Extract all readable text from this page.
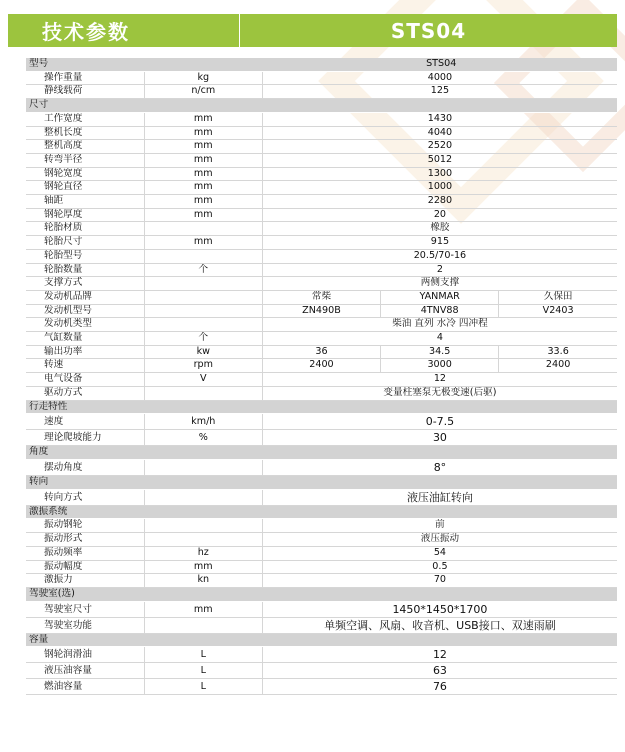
技术参数	STS04
型号		STS04		
操作重量	kg	4000		
静线载荷	n/cm	125		
尺寸				
工作宽度	mm	1430		
整机长度	mm	4040		
整机高度	mm	2520		
转弯半径	mm	5012		
钢轮宽度	mm	1300		
钢轮直径	mm	1000		
轴距	mm	2280		
钢轮厚度	mm	20		
轮胎材质		橡胶		
轮胎尺寸	mm	915		
轮胎型号		20.5/70-16		
轮胎数量	个	2		
支撑方式		两侧支撑		
发动机品牌		常柴	YANMAR	久保田
发动机型号		ZN490B	4TNV88	V2403
发动机类型		柴油 直列 水冷 四冲程		
气缸数量	个	4		
输出功率	kw	36	34.5	33.6
转速	rpm	2400	3000	2400
电气设备	V	12		
驱动方式		变量柱塞泵无极变速(后驱)		
行走特性				
速度	km/h	0-7.5		
理论爬坡能力	%	30		
角度				
摆动角度		8°		
转向				
转向方式		液压油缸转向		
激振系统				
振动钢轮		前		
振动形式		液压振动		
振动频率	hz	54		
振动幅度	mm	0.5		
激振力	kn	70		
驾驶室(选)				
驾驶室尺寸	mm	1450*1450*1700		
驾驶室功能		单频空调、风扇、收音机、USB接口、双速雨刷		
容量				
钢轮润滑油	L	12		
液压油容量	L	63		
燃油容量	L	76		
